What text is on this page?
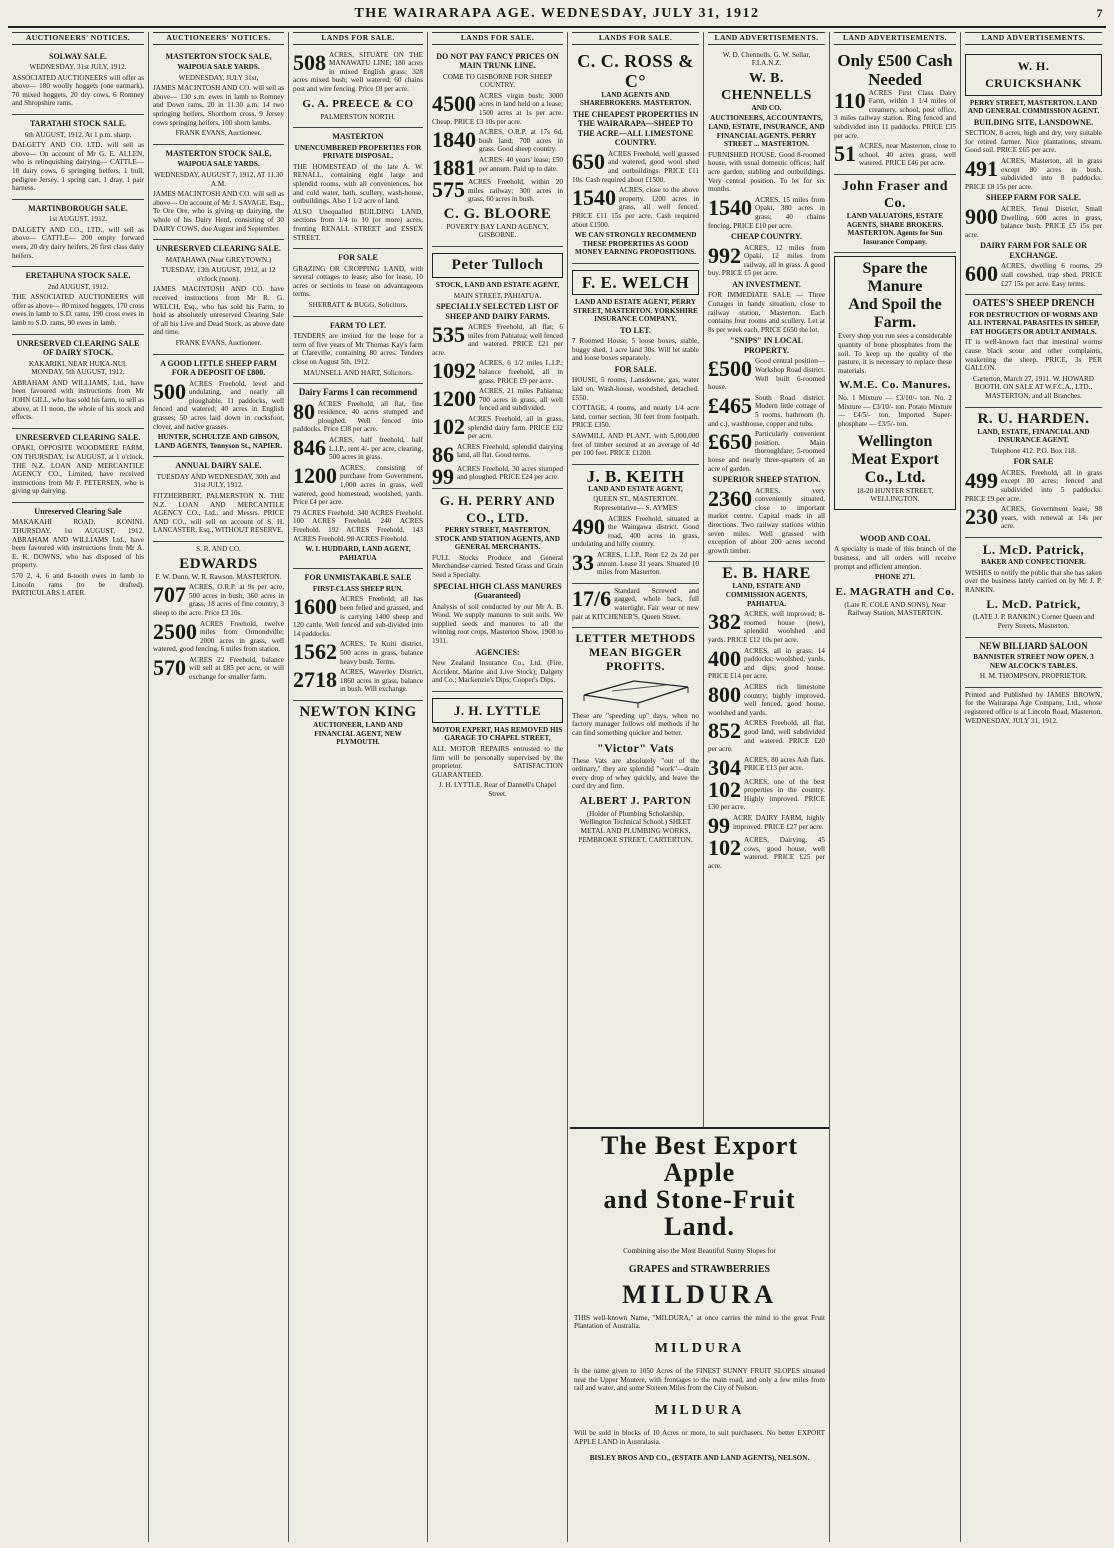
THE WAIRARAPA AGE. WEDNESDAY, JULY 31, 1912	7
AUCTIONEERS' NOTICES.
SOLWAY SALE.

WEDNESDAY, 31st JULY, 1912.

ASSOCIATED AUCTIONEERS will offer as above— 180 woolly hoggets (one earmark), 70 mixed hoggets, 20 dry cows, 6 Romney and Shropshire rams.

TARATAHI STOCK SALE.

6th AUGUST, 1912. At 1 p.m. sharp.

DALGETY AND CO. LTD. will sell as above— On account of Mr G. E. ALLEN, who is relinquishing dairying— CATTLE— 18 dairy cows, 6 springing heifers, 1 bull, pedigree Jersey. 1 spring cart, 1 dray, 1 pair harness.

MARTINBOROUGH SALE.

1st AUGUST, 1912.

DALGETY AND CO., LTD., will sell as above— CATTLE— 200 empty forward ewes, 20 dry dairy heifers, 26 first class dairy heifers.

ERETAHUNA STOCK SALE.

2nd AUGUST, 1912.

THE ASSOCIATED AUCTIONEERS will offer as above— 80 mixed hoggets, 170 cross ewes in lamb to S.D. rams, 190 cross ewes in lamb to S.D. rams, 90 ewes in lamb.

UNRESERVED CLEARING SALE OF DAIRY STOCK.

KAKARIKI, NEAR HUKA-NUI. MONDAY, 5th AUGUST, 1912.

ABRAHAM AND WILLIAMS, Ltd., have been favoured with instructions from Mr JOHN GILL, who has sold his farm, to sell as above, at 11 noon, the whole of his stock and effects.

UNRESERVED CLEARING SALE.

OPAKI, OPPOSITE WOODMERE FARM, ON THURSDAY, 1st AUGUST, at 1 o'clock. THE N.Z. LOAN AND MERCANTILE AGENCY CO., Limited, have received instructions from Mr F. PETERSEN, who is giving up dairying.

Unreserved Clearing Sale

MAKAKAHI ROAD, KONINI. THURSDAY, 1st AUGUST, 1912. ABRAHAM AND WILLIAMS Ltd., have been favoured with instructions from Mr A. E. K. DOWNS, who has disposed of his property.

570 2, 4, 6 and 8-tooth ewes in lamb to Lincoln rams (to be drafted). PARTICULARS LATER.

AUCTIONEERS' NOTICES.
MASTERTON STOCK SALE,

WAIPOUA SALE YARDS.

WEDNESDAY, JULY 31st,

JAMES MACINTOSH AND CO. will sell as above— 130 s.m. ewes in lamb to Romney and Down rams, 20 in 11.30 a.m. 14 two springing heifers, Shorthorn cross, 9 Jersey cows springing heifers, 100 shorn lambs.

FRANK EVANS, Auctioneer.

MASTERTON STOCK SALE,

WAIPOUA SALE YARDS.

WEDNESDAY, AUGUST 7, 1912, AT 11.30 A.M.

JAMES MACINTOSH AND CO. will sell as above— On account of Mr J. SAVAGE, Esq., Te Ore Ore, who is giving up dairying, the whole of his Dairy Herd, consisting of 30 DAIRY COWS, due August and September.

UNRESERVED CLEARING SALE.

MATAHAWA (Near GREYTOWN.)

TUESDAY, 13th AUGUST, 1912, at 12 o'clock (noon).

JAMES MACINTOSH AND CO. have received instructions from Mr R. G. WELCH, Esq., who has sold his Farm, to hold as absolutely unreserved Clearing Sale of all his Live and Dead Stock, as above date and time.

FRANK EVANS, Auctioneer.

A GOOD LITTLE SHEEP FARM FOR A DEPOSIT OF £800.

500 ACRES Freehold, level and undulating, and nearly all ploughable, 11 paddocks, well fenced and watered; 40 acres in English grasses; 50 acres laid down in cocksfoot, clover, and native grasses.

HUNTER, SCHULTZE AND GIBSON, LAND AGENTS, Tennyson St., NAPIER.

ANNUAL DAIRY SALE.

TUESDAY AND WEDNESDAY, 30th and 31st JULY, 1912.

FITZHERBERT, PALMERSTON N. THE N.Z. LOAN AND MERCANTILE AGENCY CO., Ltd., and Messrs. PRICE AND CO., will sell on account of S. H. LANCASTER, Esq., WITHOUT RESERVE.

S. R. AND CO.

EDWARDS

F. W. Dunn, W. R. Rawson. MASTERTON.

707 ACRES, O.R.P. at 9s per acre, 500 acres in bush, 360 acres in grass, 18 acres of fine country, 3 sheep to the acre. Price £3 10s.

2500 ACRES Freehold, twelve miles from Ormondville; 2000 acres in grass, well watered, good fencing, 6 miles from station.

570 ACRES 22 Freehold, balance will sell at £85 per acre, or will exchange for smaller farm.

LANDS FOR SALE.

508 ACRES, SITUATE ON THE MANAWATU LINE; 180 acres in mixed English grass; 328 acres mixed bush; well watered; 60 chains post and wire fencing. Price £8 per acre.

G. A. PREECE & CO

PALMERSTON NORTH.

MASTERTON

UNENCUMBERED PROPERTIES FOR PRIVATE DISPOSAL.

THE HOMESTEAD of the late A. W. RENALL, containing eight large and splendid rooms, with all conveniences, hot and cold water, bath, scullery, wash-house, outbuildings. Also 1 1/2 acre of land.

ALSO Unequalled BUILDING LAND, sections from 1/4 to 10 (or more) acres, fronting RENALL STREET and ESSEX STREET.

FOR SALE

GRAZING OR CROPPING LAND, with several cottages to lease; also for lease, 10 acres or sections to lease on advantageous terms.

SHERRATT & BUGG, Solicitors.

FARM TO LET.

TENDERS are invited for the lease for a term of five years of Mr Thomas Kay's farm at Clareville, containing 80 acres. Tenders close on August 5th, 1912.

MAUNSELL AND HART, Solicitors.

Dairy Farms I can recommend

80 ACRES Freehold, all flat, fine residence, 40 acres stumped and ploughed. Well fenced into paddocks. Price £38 per acre.

846 ACRES, half freehold, half L.I.P., rent 4/- per acre, clearing, 500 acres in grass.

1200 ACRES, consisting of purchase from Government, 1,000 acres in grass, well watered, good homestead, woolshed, yards. Price £4 per acre.

79 ACRES Freehold. 340 ACRES Freehold. 100 ACRES Freehold. 240 ACRES Freehold. 192 ACRES Freehold. 143 ACRES Freehold. 98 ACRES Freehold.

W. I. HUDDARD, LAND AGENT, PAHIATUA

FOR UNMISTAKABLE SALE

FIRST-CLASS SHEEP RUN.

1600 ACRES Freehold; all has been felled and grassed, and is carrying 1400 sheep and 120 cattle. Well fenced and sub-divided into 14 paddocks.

1562 ACRES, Te Kuiti district, 500 acres in grass, balance heavy bush. Terms.

2718 ACRES, Waverley District, 1860 acres in grass, balance in bush. Will exchange.

NEWTON KING

AUCTIONEER, LAND AND FINANCIAL AGENT, NEW PLYMOUTH.

LANDS FOR SALE.
DO NOT PAY FANCY PRICES ON MAIN TRUNK LINE.

COME TO GISBORNE FOR SHEEP COUNTRY.

4500 ACRES virgin bush; 3000 acres in land held on a lease; 1500 acres at 1s per acre. Cheap. PRICE £3 10s per acre.

1840 ACRES, O.R.P. at 17s 6d, bush land; 700 acres in grass. Good sheep country.

1881 ACRES: 40 years' lease; £50 per annum. Paid up to date.

575 ACRES Freehold, within 20 miles railway; 300 acres in grass, 60 acres in bush.

C. G. BLOORE

POVERTY BAY LAND AGENCY, GISBORNE.

Peter Tulloch

STOCK, LAND AND ESTATE AGENT,

MAIN STREET, PAHIATUA.

SPECIALLY SELECTED LIST OF SHEEP AND DAIRY FARMS.

535 ACRES Freehold, all flat; 6 miles from Pahiatua; well fenced and watered. PRICE £21 per acre.

1092 ACRES, 6 1/2 miles L.I.P.; balance freehold, all in grass. PRICE £9 per acre.

1200 ACRES, 21 miles Pahiatua; 700 acres in grass, all well fenced and subdivided.

102 ACRES Freehold, all in grass, splendid dairy farm. PRICE £32 per acre.

86 ACRES Freehold, splendid dairying land, all flat. Good terms.

99 ACRES Freehold, 30 acres stumped and ploughed. PRICE £24 per acre.

G. H. PERRY AND CO., LTD.

PERRY STREET, MASTERTON. STOCK AND STATION AGENTS, AND GENERAL MERCHANTS.

FULL Stocks Produce and General Merchandise carried. Tested Grass and Grain Seed a Specialty.

SPECIAL HIGH CLASS MANURES (Guaranteed)

Analysis of soil conducted by our Mr A. B. Wood. We supply manures to suit soils. We supplied seeds and manures to all the winning root crops, Masterton Show, 1908 to 1911.

AGENCIES:

New Zealand Insurance Co., Ltd. (Fire, Accident, Marine and Live Stock); Dalgety and Co.; Mackenzie's Dips; Cooper's Dips.

J. H. LYTTLE

MOTOR EXPERT, HAS REMOVED HIS GARAGE TO CHAPEL STREET,

ALL MOTOR REPAIRS entrusted to the firm will be personally supervised by the proprietor. SATISFACTION GUARANTEED.

J. H. LYTTLE. Rear of Dannell's Chapel Street.

LANDS FOR SALE.
C. C. ROSS & C°

LAND AGENTS AND SHAREBROKERS. MASTERTON.

THE CHEAPEST PROPERTIES IN THE WAIRARAPA—SHEEP TO THE ACRE—ALL LIMESTONE COUNTRY.

650 ACRES Freehold, well grassed and watered, good wool shed and outbuildings. PRICE £11 10s. Cash required about £1500.

1540 ACRES, close to the above property. 1200 acres in grass, all well fenced. PRICE £11 15s per acre. Cash required about £1500.

WE CAN STRONGLY RECOMMEND THESE PROPERTIES AS GOOD MONEY EARNING PROPOSITIONS.

F. E. WELCH

LAND AND ESTATE AGENT, PERRY STREET, MASTERTON. YORKSHIRE INSURANCE COMPANY.

TO LET.

7 Roomed House, 5 loose boxes, stable, buggy shed, 1 acre land 30s. Will let stable and loose boxes separately.

FOR SALE.

HOUSE, 5 rooms, Lansdowne, gas, water laid on. Wash-house, woodshed, detached. £550.

COTTAGE, 4 rooms, and nearly 1/4 acre land, corner section, 30 feet from footpath. PRICE £350.

SAWMILL AND PLANT, with 5,000,000 feet of timber secured at an average of 4d per 100 feet. PRICE £1200.

J. B. KEITH

LAND AND ESTATE AGENT,

QUEEN ST., MASTERTON. Representative— S. AYMES

490 ACRES Freehold, situated at the Waingawa district. Good road, 400 acres in grass, undulating and hilly country.

33 ACRES, L.I.P., Rent £2 2s 2d per annum. Lease 31 years. Situated 10 miles from Masterton.

17/6 Standard Screwed and gagged, whole back, full watertight. Fair wear or new pair at KITCHENER'S, Queen Street.

LETTER METHODS MEAN BIGGER PROFITS.

These are "speeding up" days, when no factory manager follows old methods if he can find something quicker and better.

"Victor" Vats

These Vats are absolutely "out of the ordinary," they are splendid "work"—drain every drop of whey quickly, and leave the curd dry and firm.

ALBERT J. PARTON

(Holder of Plumbing Scholarship, Wellington Technical School.) SHEET METAL AND PLUMBING WORKS, PEMBROKE STREET, CARTERTON.

The Best Export Apple
and Stone-Fruit Land.

Combining also the Most Beautiful Sunny Slopes for

GRAPES and STRAWBERRIES

MILDURA

THIS well-known Name, "MILDURA," at once carries the mind to the great Fruit Plantation of Australia.

MILDURA

Is the name given to 1050 Acres of the FINEST SUNNY FRUIT SLOPES situated near the Upper Moutere, with frontages to the main road, and only a few miles from rail and water, and some Sixteen Miles from the City of Nelson.

MILDURA

Will be sold in blocks of 10 Acres or more, to suit purchasers. No better EXPORT APPLE LAND in Australasia.

BISLEY BROS AND CO., (ESTATE AND LAND AGENTS), NELSON.

LAND ADVERTISEMENTS.

W. D. Chennells. G. W. Sellar, F.I.A.N.Z.

W. B. CHENNELLS

AND CO.

AUCTIONEERS, ACCOUNTANTS, LAND, ESTATE, INSURANCE, AND FINANCIAL AGENTS. PERRY STREET ... MASTERTON.

FURNISHED HOUSE. Good 8-roomed house, with usual domestic offices; half acre garden, stabling and outbuildings. Very central position. To let for six months.

1540 ACRES, 15 miles from Opaki, 380 acres in grass; 40 chains fencing. PRICE £10 per acre.

CHEAP COUNTRY.

992 ACRES, 12 miles from Opaki, 12 miles from railway, all in grass. A good buy. PRICE £5 per acre.

AN INVESTMENT.

FOR IMMEDIATE SALE — Three Cottages in handy situation, close to railway station, Masterton. Each contains four rooms and scullery. Let at 8s per week each. PRICE £650 the lot.

"SNIPS" IN LOCAL PROPERTY.

£500 Good central position—Workshop Road district. Well built 6-roomed house.

£465 South Road district. Modern little cottage of 5 rooms, bathroom (h. and c.), washhouse, copper and tubs.

£650 Particularly convenient position. Main thoroughfare; 5-roomed house and nearly three-quarters of an acre of garden.

SUPERIOR SHEEP STATION.

2360 ACRES, very conveniently situated, close to important market centre. Capital roads in all directions. Two railway stations within seven miles. Well grassed with exception of about 200 acres second growth timber.

E. B. HARE

LAND, ESTATE AND COMMISSION AGENTS, PAHIATUA.

382 ACRES, well improved; 8-roomed house (new), splendid woolshed and yards. PRICE £12 10s per acre.

400 ACRES, all in grass; 14 paddocks; woolshed, yards, and dips; good house. PRICE £14 per acre.

800 ACRES rich limestone country; highly improved, well fenced, good house, woolshed and yards.

852 ACRES Freehold, all flat, good land, well subdivided and watered. PRICE £20 per acre.

304 ACRES, 80 acres Ash flats. PRICE £13 per acre.

102 ACRES, one of the best properties in the country. Highly improved. PRICE £30 per acre.

99 ACRE DAIRY FARM, highly improved. PRICE £27 per acre.

102 ACRES, Dairying, 45 cows, good house, well watered. PRICE £25 per acre.

LAND ADVERTISEMENTS.
Only £500 Cash Needed

110 ACRES First Class Dairy Farm, within 1 1/4 miles of creamery, school, post office, 3 miles railway station. Ring fenced and subdivided into 11 paddocks. PRICE £35 per acre.

51 ACRES, near Masterton, close to school, 40 acres grass, well watered. PRICE £46 per acre.

John Fraser and Co.

LAND VALUATORS, ESTATE AGENTS, SHARE BROKERS. MASTERTON. Agents for Sun Insurance Company.

Spare the Manure
And Spoil the Farm.

Every shop you run sees a considerable quantity of bone phosphates from the soil. To keep up the quality of the pasture, it is necessary to replace these materials.

W.M.E. Co. Manures.

No. 1 Mixture — £3/10/- ton. No. 2 Mixture — £3/10/- ton. Potato Mixture — £4/5/- ton. Imported Super-phosphate — £3/5/- ton.

Wellington Meat Export Co., Ltd.

18-20 HUNTER STREET, WELLINGTON.

WOOD AND COAL

A specialty is made of this branch of the business, and all orders will receive prompt and efficient attention.

PHONE 271.

E. MAGRATH and Co.

(Late R. COLE AND SONS), Near Railway Station, MASTERTON.

LAND ADVERTISEMENTS.
W. H. CRUICKSHANK

PERRY STREET, MASTERTON. LAND AND GENERAL COMMISSION AGENT.

BUILDING SITE, LANSDOWNE.

SECTION, 8 acres, high and dry, very suitable for retired farmer. Nice plantations, stream. Good soil. PRICE £65 per acre.

491 ACRES, Masterton, all in grass except 80 acres in bush, subdivided into 8 paddocks. PRICE £8 15s per acre.

SHEEP FARM FOR SALE.

900 ACRES, Tenui District, Small Dwelling, 600 acres in grass, balance bush. PRICE £5 15s per acre.

DAIRY FARM FOR SALE OR EXCHANGE.

600 ACRES, dwelling 6 rooms, 29 stall cowshed, trap shed. PRICE £27 15s per acre. Easy terms.

OATES'S SHEEP DRENCH

FOR DESTRUCTION OF WORMS AND ALL INTERNAL PARASITES IN SHEEP, FAT HOGGETS OR ADULT ANIMALS.

IT is well-known fact that intestinal worms cause black scour and other complaints, weakening the sheep. PRICE, 3s PER GALLON.

Carterton, March 27, 1911. W. HOWARD BOOTH. ON SALE AT W.F.C.A., LTD., MASTERTON, and all Branches.

R. U. HARDEN.

LAND, ESTATE, FINANCIAL AND INSURANCE AGENT.

Telephone 412. P.O. Box 118.

FOR SALE

499 ACRES, Freehold, all in grass except 80 acres; fenced and subdivided into 5 paddocks. PRICE £9 per acre.

230 ACRES, Government lease, 98 years, with renewal at 14s per acre.

L. McD. Patrick,

BAKER AND CONFECTIONER.

WISHES to notify the public that she has taken over the business lately carried on by Mr J. P. RANKIN.

L. McD. Patrick,

(LATE J. P. RANKIN.) Corner Queen and Perry Streets, Masterton.

NEW BILLIARD SALOON

BANNISTER STREET NOW OPEN. 3 NEW ALCOCK'S TABLES.

H. M. THOMPSON, PROPRIETOR.

Printed and Published by JAMES BROWN, for the Wairarapa Age Company, Ltd., whose registered office is at Lincoln Road, Masterton. WEDNESDAY, JULY 31, 1912.
